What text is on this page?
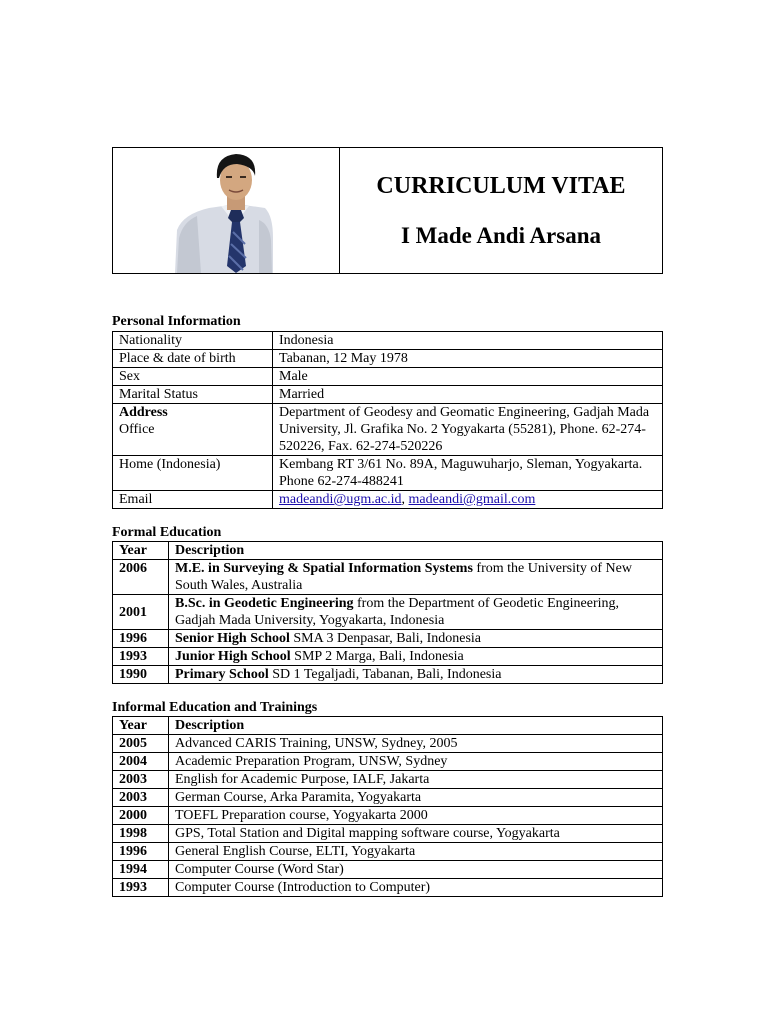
CURRICULUM VITAE
I Made Andi Arsana
Personal Information
Nationality	Indonesia
Place & date of birth	Tabanan, 12 May 1978
Sex	Male
Marital Status	Married

Address
Office	Department of Geodesy and Geomatic Engineering, Gadjah Mada University, Jl. Grafika No. 2 Yogyakarta (55281), Phone. 62-274-520226, Fax. 62-274-520226
Home (Indonesia)	Kembang RT 3/61 No. 89A, Maguwuharjo, Sleman, Yogyakarta. Phone 62-274-488241
Email	madeandi@ugm.ac.id, madeandi@gmail.com
Formal Education
Year	Description
2006	M.E. in Surveying & Spatial Information Systems from the University of New South Wales, Australia
2001	B.Sc. in Geodetic Engineering from the Department of Geodetic Engineering, Gadjah Mada University, Yogyakarta, Indonesia
1996	Senior High School SMA 3 Denpasar, Bali, Indonesia
1993	Junior High School SMP 2 Marga, Bali, Indonesia
1990	Primary School SD 1 Tegaljadi, Tabanan, Bali, Indonesia
Informal Education and Trainings
Year	Description
2005	Advanced CARIS Training, UNSW, Sydney, 2005
2004	Academic Preparation Program, UNSW, Sydney
2003	English for Academic Purpose, IALF, Jakarta
2003	German Course, Arka Paramita, Yogyakarta
2000	TOEFL Preparation course, Yogyakarta 2000
1998	GPS, Total Station and Digital mapping software course, Yogyakarta
1996	General English Course, ELTI, Yogyakarta
1994	Computer Course (Word Star)
1993	Computer Course (Introduction to Computer)
